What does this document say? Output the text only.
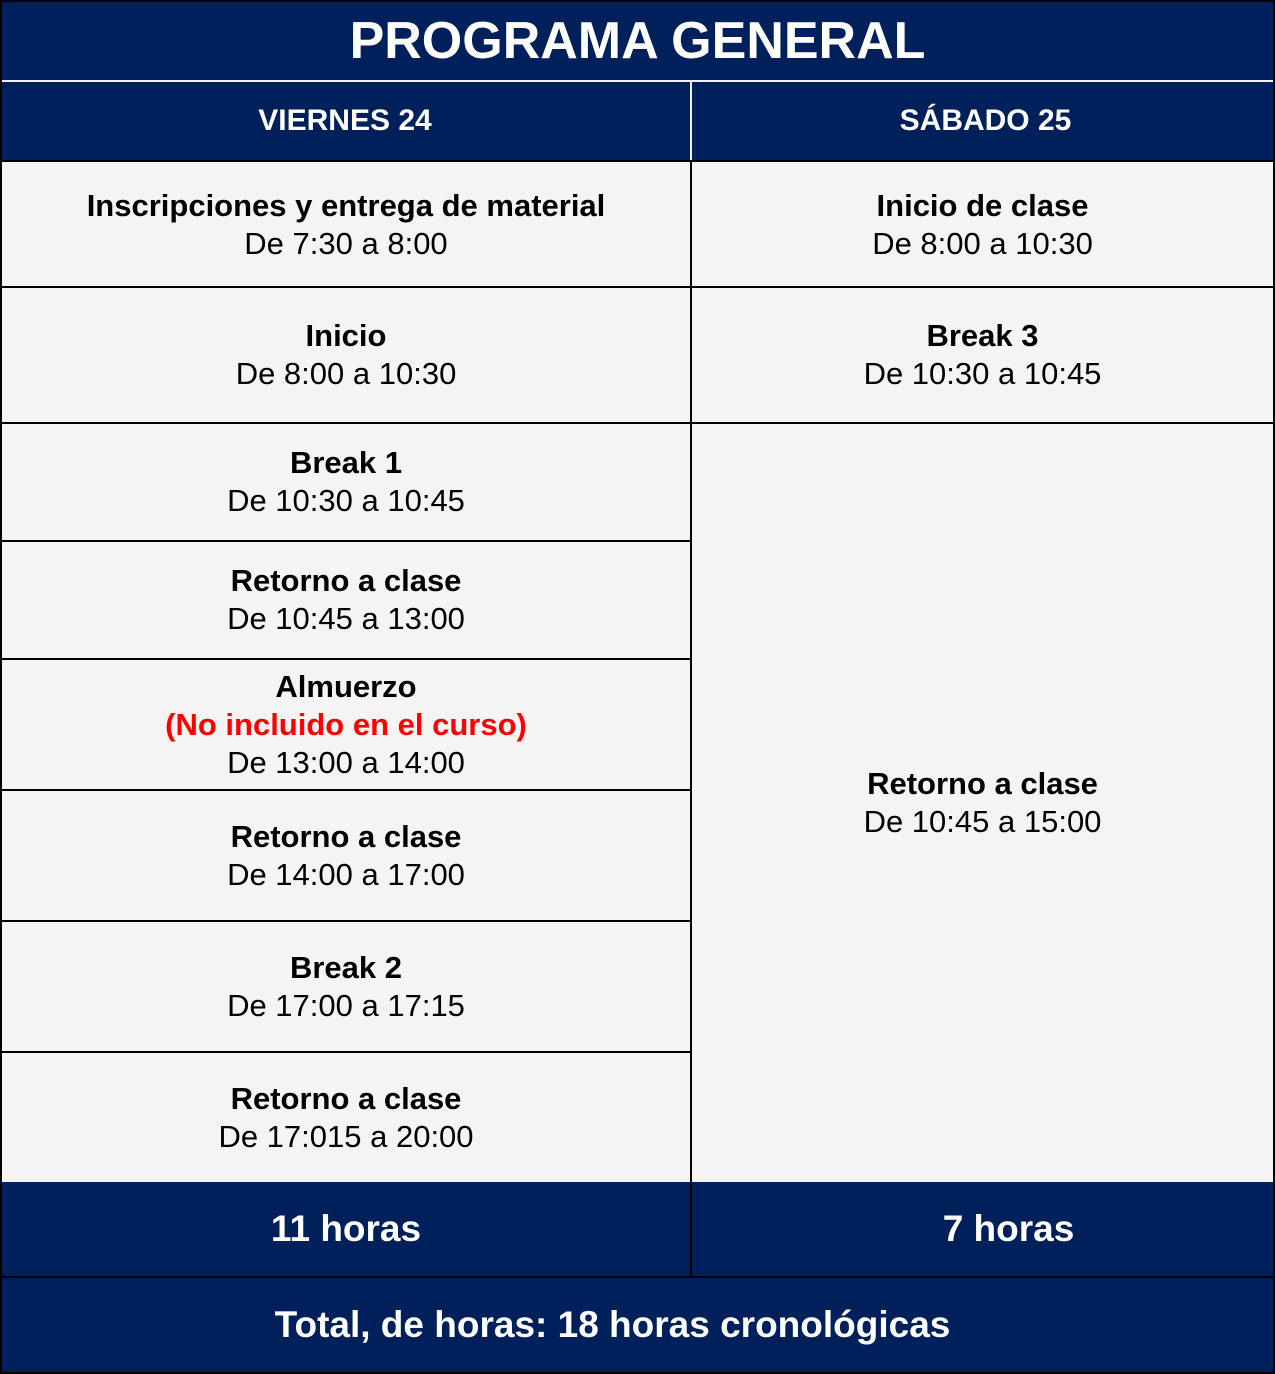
PROGRAMA GENERAL
VIERNES 24	SÁBADO 25
Inscripciones y entrega de material
De 7:30 a 8:00
Inicio
De 8:00 a 10:30
Break 1
De 10:30 a 10:45
Retorno a clase
De 10:45 a 13:00
Almuerzo
(No incluido en el curso)
De 13:00 a 14:00
Retorno a clase
De 14:00 a 17:00
Break 2
De 17:00 a 17:15
Retorno a clase
De 17:015 a 20:00
Inicio de clase
De 8:00 a 10:30
Break 3
De 10:30 a 10:45
Retorno a clase
De 10:45 a 15:00
11 horas	7 horas
Total, de horas: 18 horas cronológicas
